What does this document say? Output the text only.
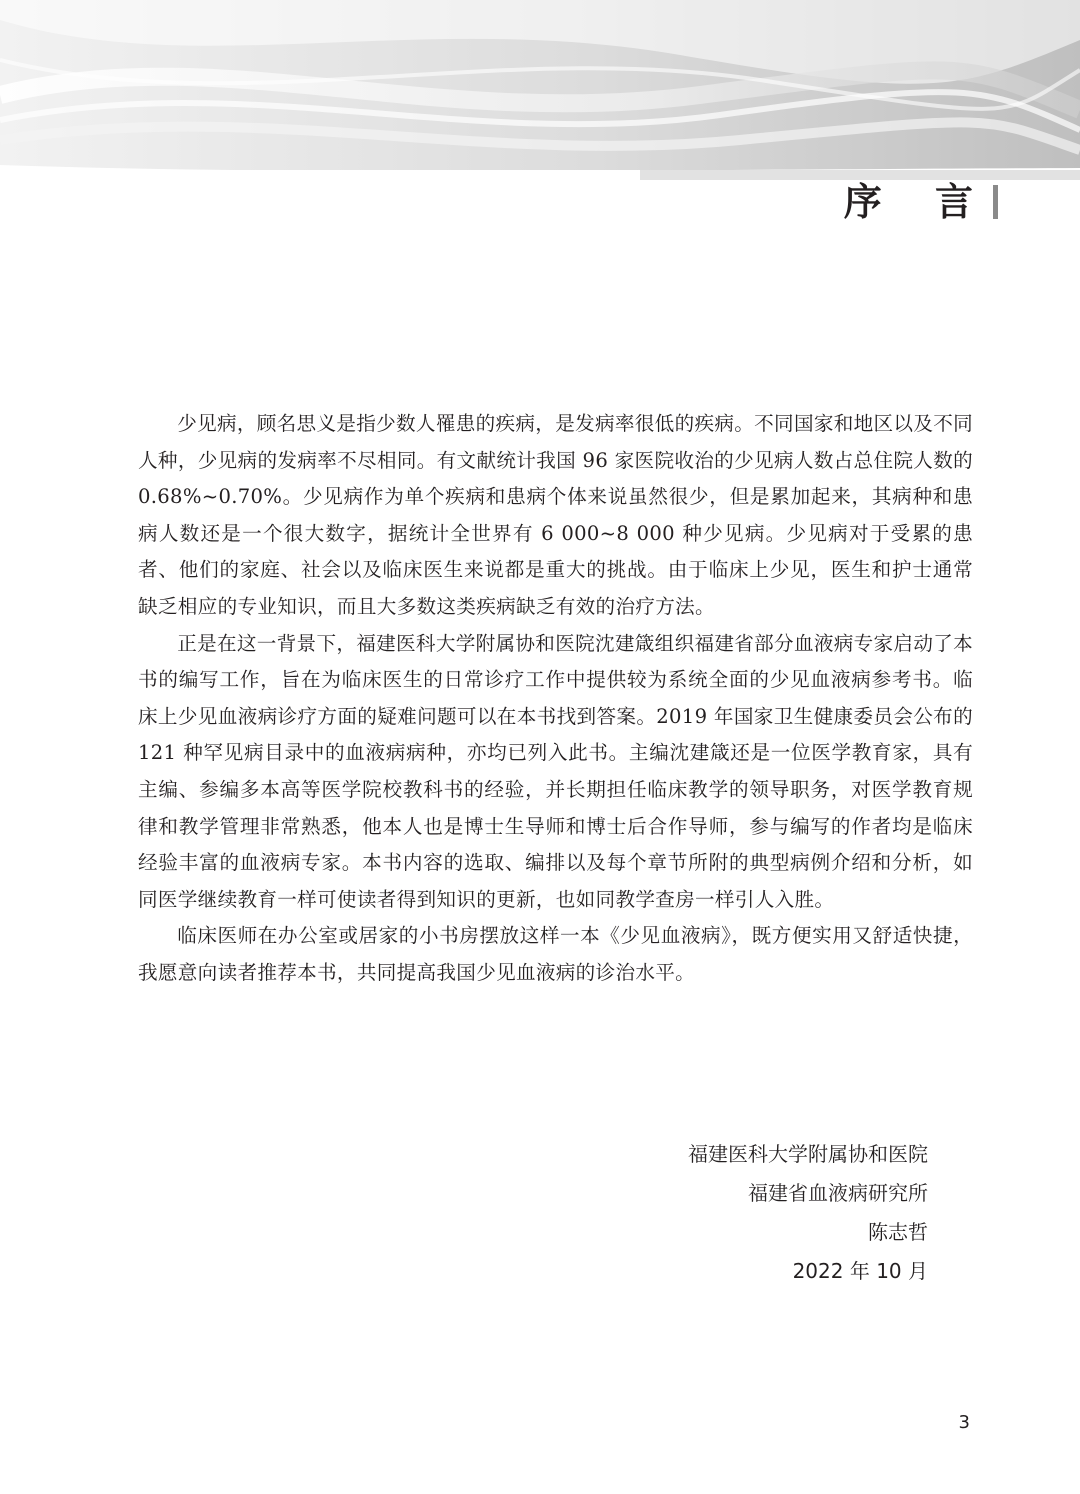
序 言

少见病，顾名思义是指少数人罹患的疾病，是发病率很低的疾病。不同国家和地区以及不同人种，少见病的发病率不尽相同。有文献统计我国 96 家医院收治的少见病人数占总住院人数的 0.68%~0.70%。少见病作为单个疾病和患病个体来说虽然很少，但是累加起来，其病种和患病人数还是一个很大数字，据统计全世界有 6 000~8 000 种少见病。少见病对于受累的患者、他们的家庭、社会以及临床医生来说都是重大的挑战。由于临床上少见，医生和护士通常缺乏相应的专业知识，而且大多数这类疾病缺乏有效的治疗方法。

正是在这一背景下，福建医科大学附属协和医院沈建箴组织福建省部分血液病专家启动了本书的编写工作，旨在为临床医生的日常诊疗工作中提供较为系统全面的少见血液病参考书。临床上少见血液病诊疗方面的疑难问题可以在本书找到答案。2019 年国家卫生健康委员会公布的 121 种罕见病目录中的血液病病种，亦均已列入此书。主编沈建箴还是一位医学教育家，具有主编、参编多本高等医学院校教科书的经验，并长期担任临床教学的领导职务，对医学教育规律和教学管理非常熟悉，他本人也是博士生导师和博士后合作导师，参与编写的作者均是临床经验丰富的血液病专家。本书内容的选取、编排以及每个章节所附的典型病例介绍和分析，如同医学继续教育一样可使读者得到知识的更新，也如同教学查房一样引人入胜。

临床医师在办公室或居家的小书房摆放这样一本《少见血液病》，既方便实用又舒适快捷，我愿意向读者推荐本书，共同提高我国少见血液病的诊治水平。

福建医科大学附属协和医院
福建省血液病研究所
陈志哲
2022 年 10 月
3
